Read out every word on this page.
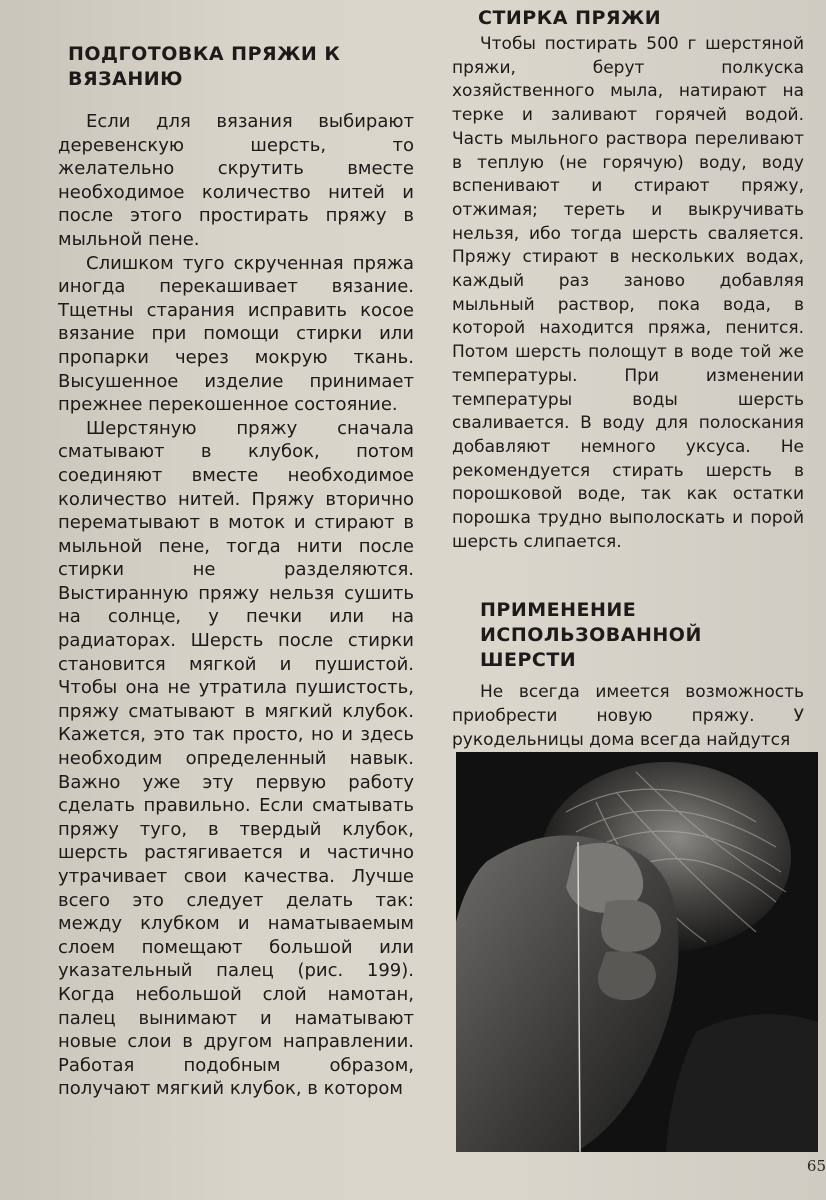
ПОДГОТОВКА ПРЯЖИ К ВЯЗАНИЮ

Если для вязания выбирают деревенскую шерсть, то желательно скрутить вместе необходимое количество нитей и после этого простирать пряжу в мыльной пене.

Слишком туго скрученная пряжа иногда перекашивает вязание. Тщетны старания исправить косое вязание при помощи стирки или пропарки через мокрую ткань. Высушенное изделие принимает прежнее перекошенное состояние.

Шерстяную пряжу сначала сматывают в клубок, потом соединяют вместе необходимое количество нитей. Пряжу вторично перематывают в моток и стирают в мыльной пене, тогда нити после стирки не разделяются. Выстиранную пряжу нельзя сушить на солнце, у печки или на радиаторах. Шерсть после стирки становится мягкой и пушистой. Чтобы она не утратила пушистость, пряжу сматывают в мягкий клубок. Кажется, это так просто, но и здесь необходим определенный навык. Важно уже эту первую работу сделать правильно. Если сматывать пряжу туго, в твердый клубок, шерсть растягивается и частично утрачивает свои качества. Лучше всего это следует делать так: между клубком и наматываемым слоем помещают большой или указательный палец (рис. 199). Когда небольшой слой намотан, палец вынимают и наматывают новые слои в другом направлении. Работая подобным образом, получают мягкий клубок, в котором

СТИРКА ПРЯЖИ

Чтобы постирать 500 г шерстяной пряжи, берут полкуска хозяйственного мыла, натирают на терке и заливают горячей водой. Часть мыльного раствора переливают в теплую (не горячую) воду, воду вспенивают и стирают пряжу, отжимая; тереть и выкручивать нельзя, ибо тогда шерсть сваляется. Пряжу стирают в нескольких водах, каждый раз заново добавляя мыльный раствор, пока вода, в которой находится пряжа, пенится. Потом шерсть полощут в воде той же температуры. При изменении температуры воды шерсть сваливается. В воду для полоскания добавляют немного уксуса. Не рекомендуется стирать шерсть в порошковой воде, так как остатки порошка трудно выполоскать и порой шерсть слипается.

ПРИМЕНЕНИЕ ИСПОЛЬЗОВАННОЙ ШЕРСТИ

Не всегда имеется возможность приобрести новую пряжу. У рукодельницы дома всегда найдутся

65
